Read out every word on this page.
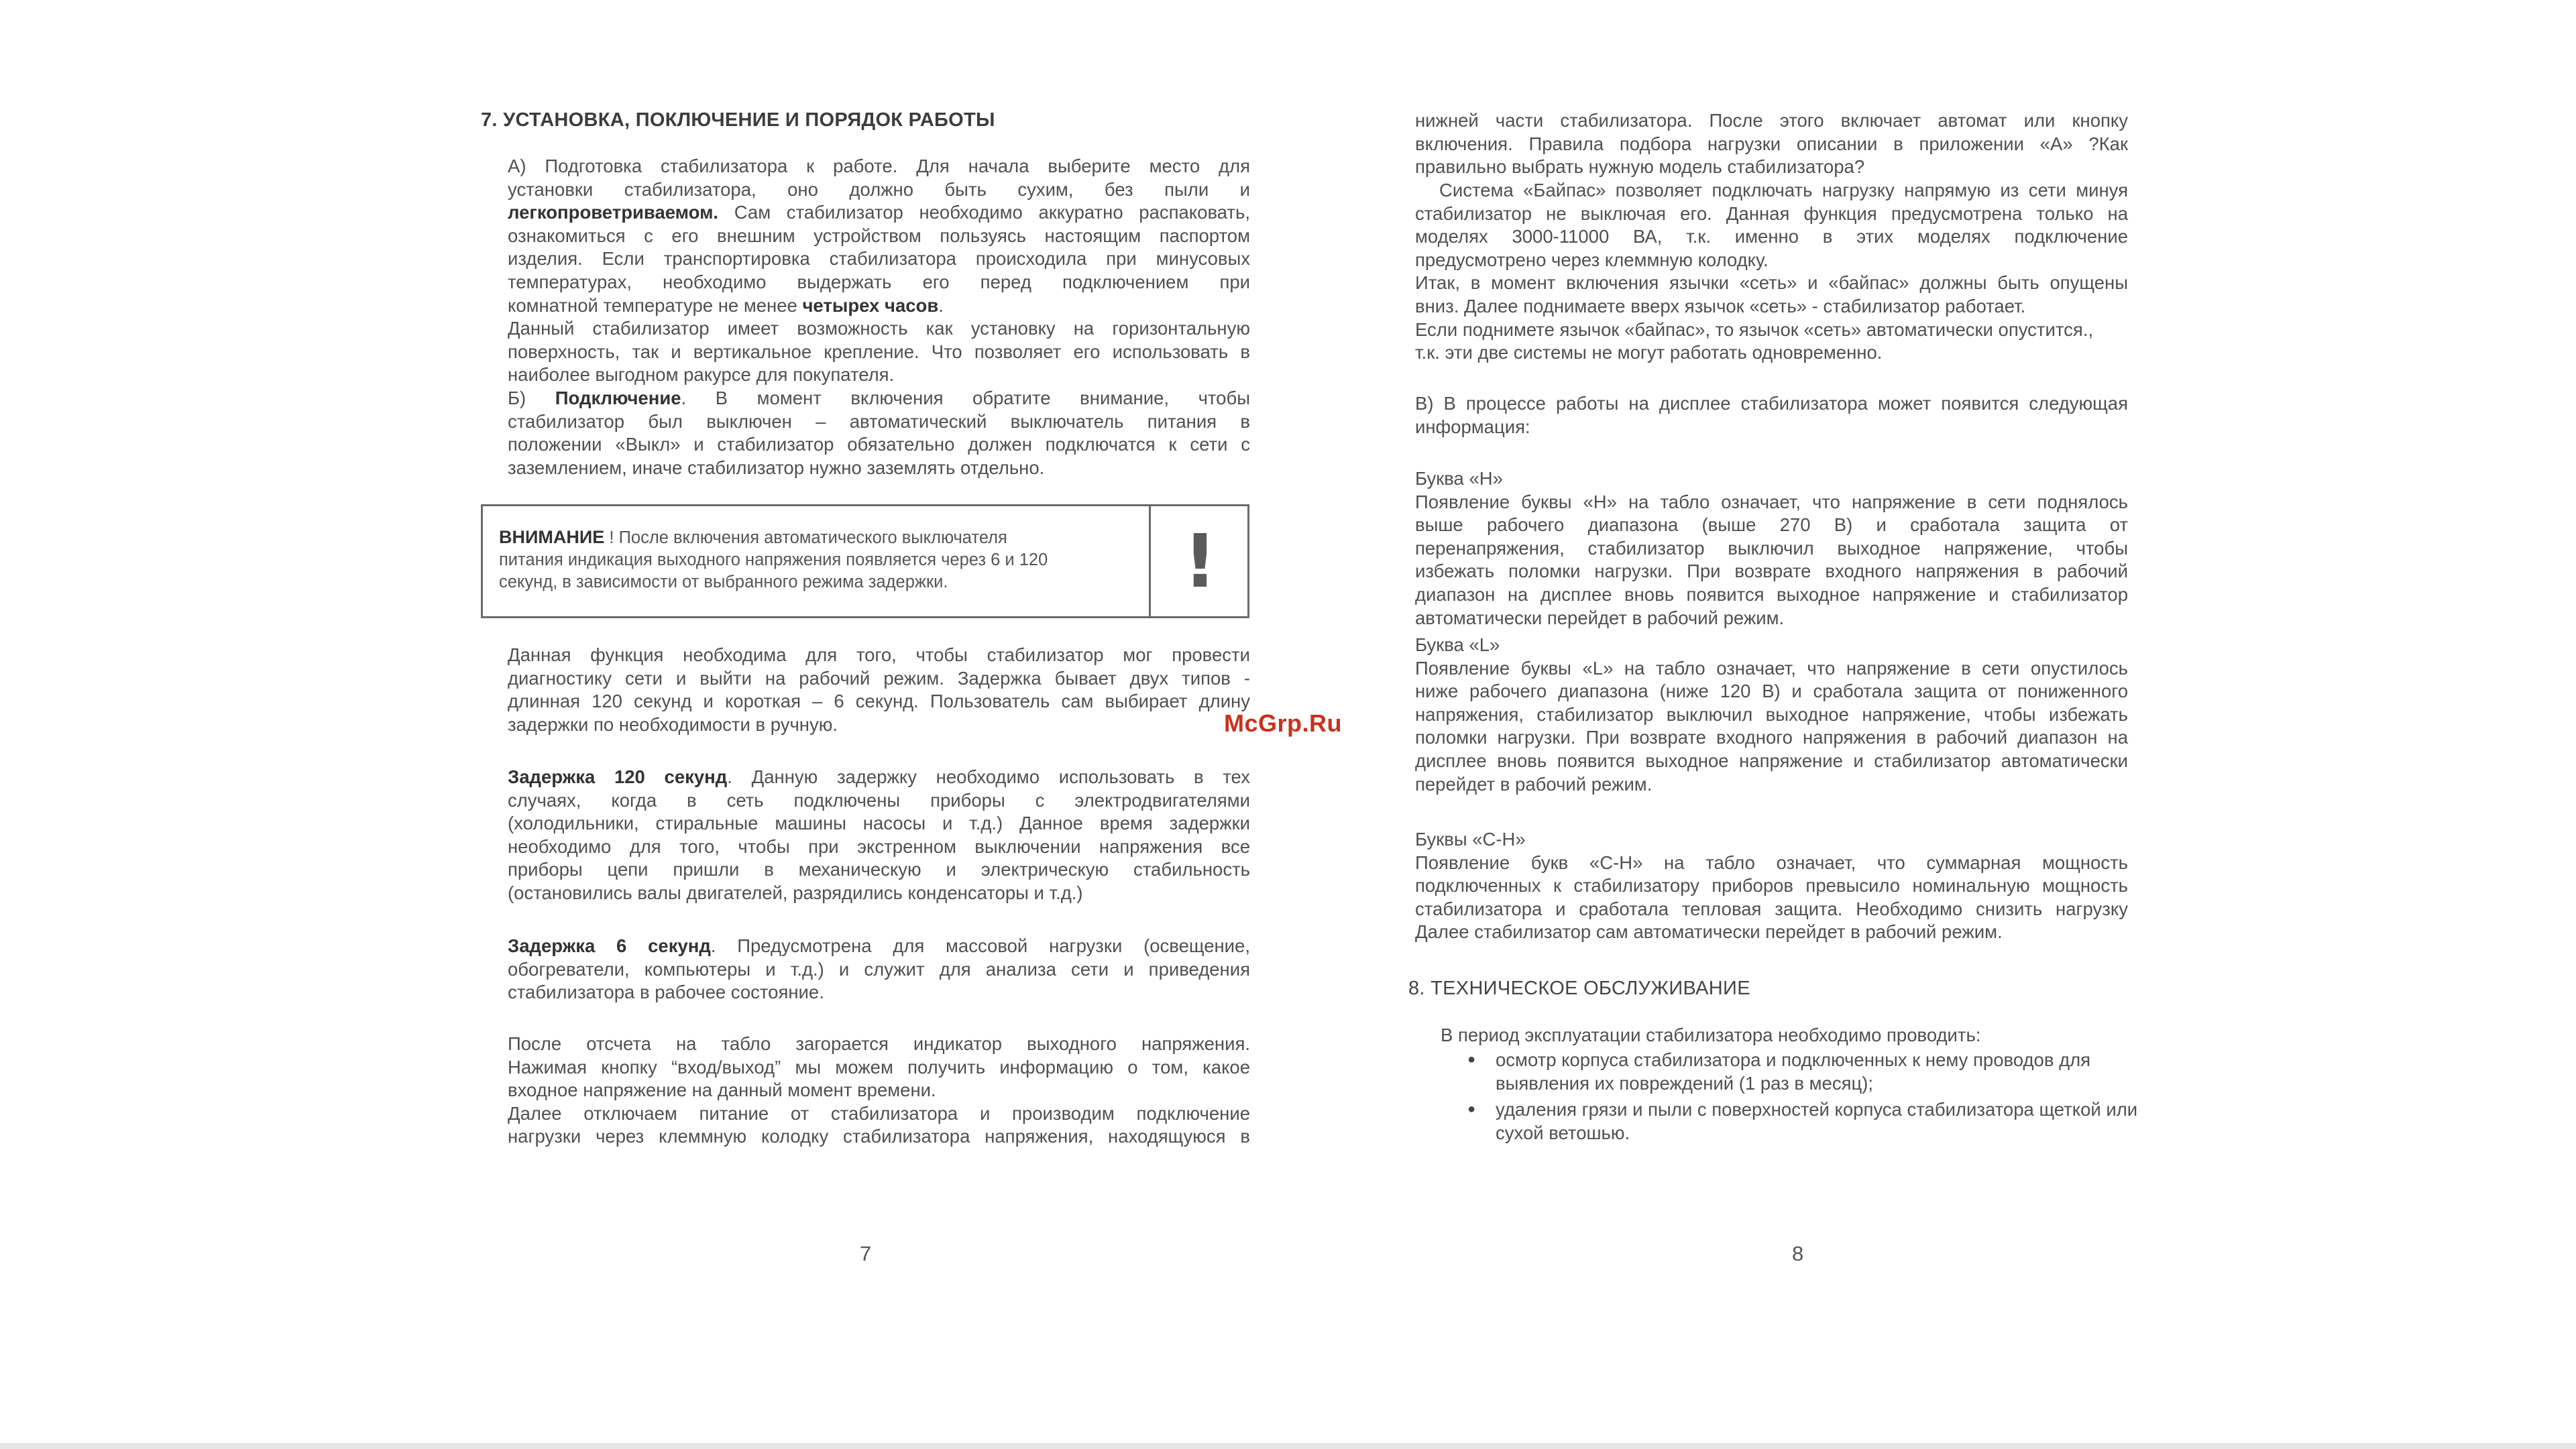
7. УСТАНОВКА, ПОКЛЮЧЕНИЕ И ПОРЯДОК РАБОТЫ
А) Подготовка стабилизатора к работе. Для начала выберите место для
установки стабилизатора, оно должно быть сухим, без пыли и
легкопроветриваемом. Сам стабилизатор необходимо аккуратно распаковать,
ознакомиться с его внешним устройством пользуясь настоящим паспортом
изделия. Если транспортировка стабилизатора происходила при минусовых
температурах, необходимо выдержать его перед подключением при
комнатной температуре не менее четырех часов.
Данный стабилизатор имеет возможность как установку на горизонтальную
поверхность, так и вертикальное крепление. Что позволяет его использовать в
наиболее выгодном ракурсе для покупателя.
Б) Подключение. В момент включения обратите внимание, чтобы
стабилизатор был выключен – автоматический выключатель питания в
положении «Выкл» и стабилизатор обязательно должен подключатся к сети с
заземлением, иначе стабилизатор нужно заземлять отдельно.
ВНИМАНИЕ ! После включения автоматического выключателя
питания индикация выходного напряжения появляется через 6 и 120
секунд, в зависимости от выбранного режима задержки.	!
Данная функция необходима для того, чтобы стабилизатор мог провести
диагностику сети и выйти на рабочий режим. Задержка бывает двух типов -
длинная 120 секунд и короткая – 6 секунд. Пользователь сам выбирает длину
задержки по необходимости в ручную.
Задержка 120 секунд. Данную задержку необходимо использовать в тех
случаях, когда в сеть подключены приборы с электродвигателями
(холодильники, стиральные машины насосы и т.д.) Данное время задержки
необходимо для того, чтобы при экстренном выключении напряжения все
приборы цепи пришли в механическую и электрическую стабильность
(остановились валы двигателей, разрядились конденсаторы и т.д.)
Задержка 6 секунд. Предусмотрена для массовой нагрузки (освещение,
обогреватели, компьютеры и т.д.) и служит для анализа сети и приведения
стабилизатора в рабочее состояние.
После отсчета на табло загорается индикатор выходного напряжения.
Нажимая кнопку “вход/выход” мы можем получить информацию о том, какое
входное напряжение на данный момент времени.
Далее отключаем питание от стабилизатора и производим подключение
нагрузки через клеммную колодку стабилизатора напряжения, находящуюся в
7
нижней части стабилизатора. После этого включает автомат или кнопку
включения. Правила подбора нагрузки описании в приложении «А» ?Как
правильно выбрать нужную модель стабилизатора?
Система «Байпас» позволяет подключать нагрузку напрямую из сети минуя
стабилизатор не выключая его. Данная функция предусмотрена только на
моделях 3000-11000 ВА, т.к. именно в этих моделях подключение
предусмотрено через клеммную колодку.
Итак, в момент включения язычки «сеть» и «байпас» должны быть опущены
вниз. Далее поднимаете вверх язычок «сеть» - стабилизатор работает.
Если поднимете язычок «байпас», то язычок «сеть» автоматически опустится.,
т.к. эти две системы не могут работать одновременно.
В) В процессе работы на дисплее стабилизатора может появится следующая
информация:
Буква «Н»
Появление буквы «Н» на табло означает, что напряжение в сети поднялось
выше рабочего диапазона (выше 270 В) и сработала защита от
перенапряжения, стабилизатор выключил выходное напряжение, чтобы
избежать поломки нагрузки. При возврате входного напряжения в рабочий
диапазон на дисплее вновь появится выходное напряжение и стабилизатор
автоматически перейдет в рабочий режим.
Буква «L»
Появление буквы «L» на табло означает, что напряжение в сети опустилось
ниже рабочего диапазона (ниже 120 В) и сработала защита от пониженного
напряжения, стабилизатор выключил выходное напряжение, чтобы избежать
поломки нагрузки. При возврате входного напряжения в рабочий диапазон на
дисплее вновь появится выходное напряжение и стабилизатор автоматически
перейдет в рабочий режим.
Буквы «С-Н»
Появление букв «С-Н» на табло означает, что суммарная мощность
подключенных к стабилизатору приборов превысило номинальную мощность
стабилизатора и сработала тепловая защита. Необходимо снизить нагрузку
Далее стабилизатор сам автоматически перейдет в рабочий режим.
8. ТЕХНИЧЕСКОЕ ОБСЛУЖИВАНИЕ
В период эксплуатации стабилизатора необходимо проводить:
● осмотр корпуса стабилизатора и подключенных к нему проводов для выявления их повреждений (1 раз в месяц);
● удаления грязи и пыли с поверхностей корпуса стабилизатора щеткой или сухой ветошью.
8
McGrp.Ru
